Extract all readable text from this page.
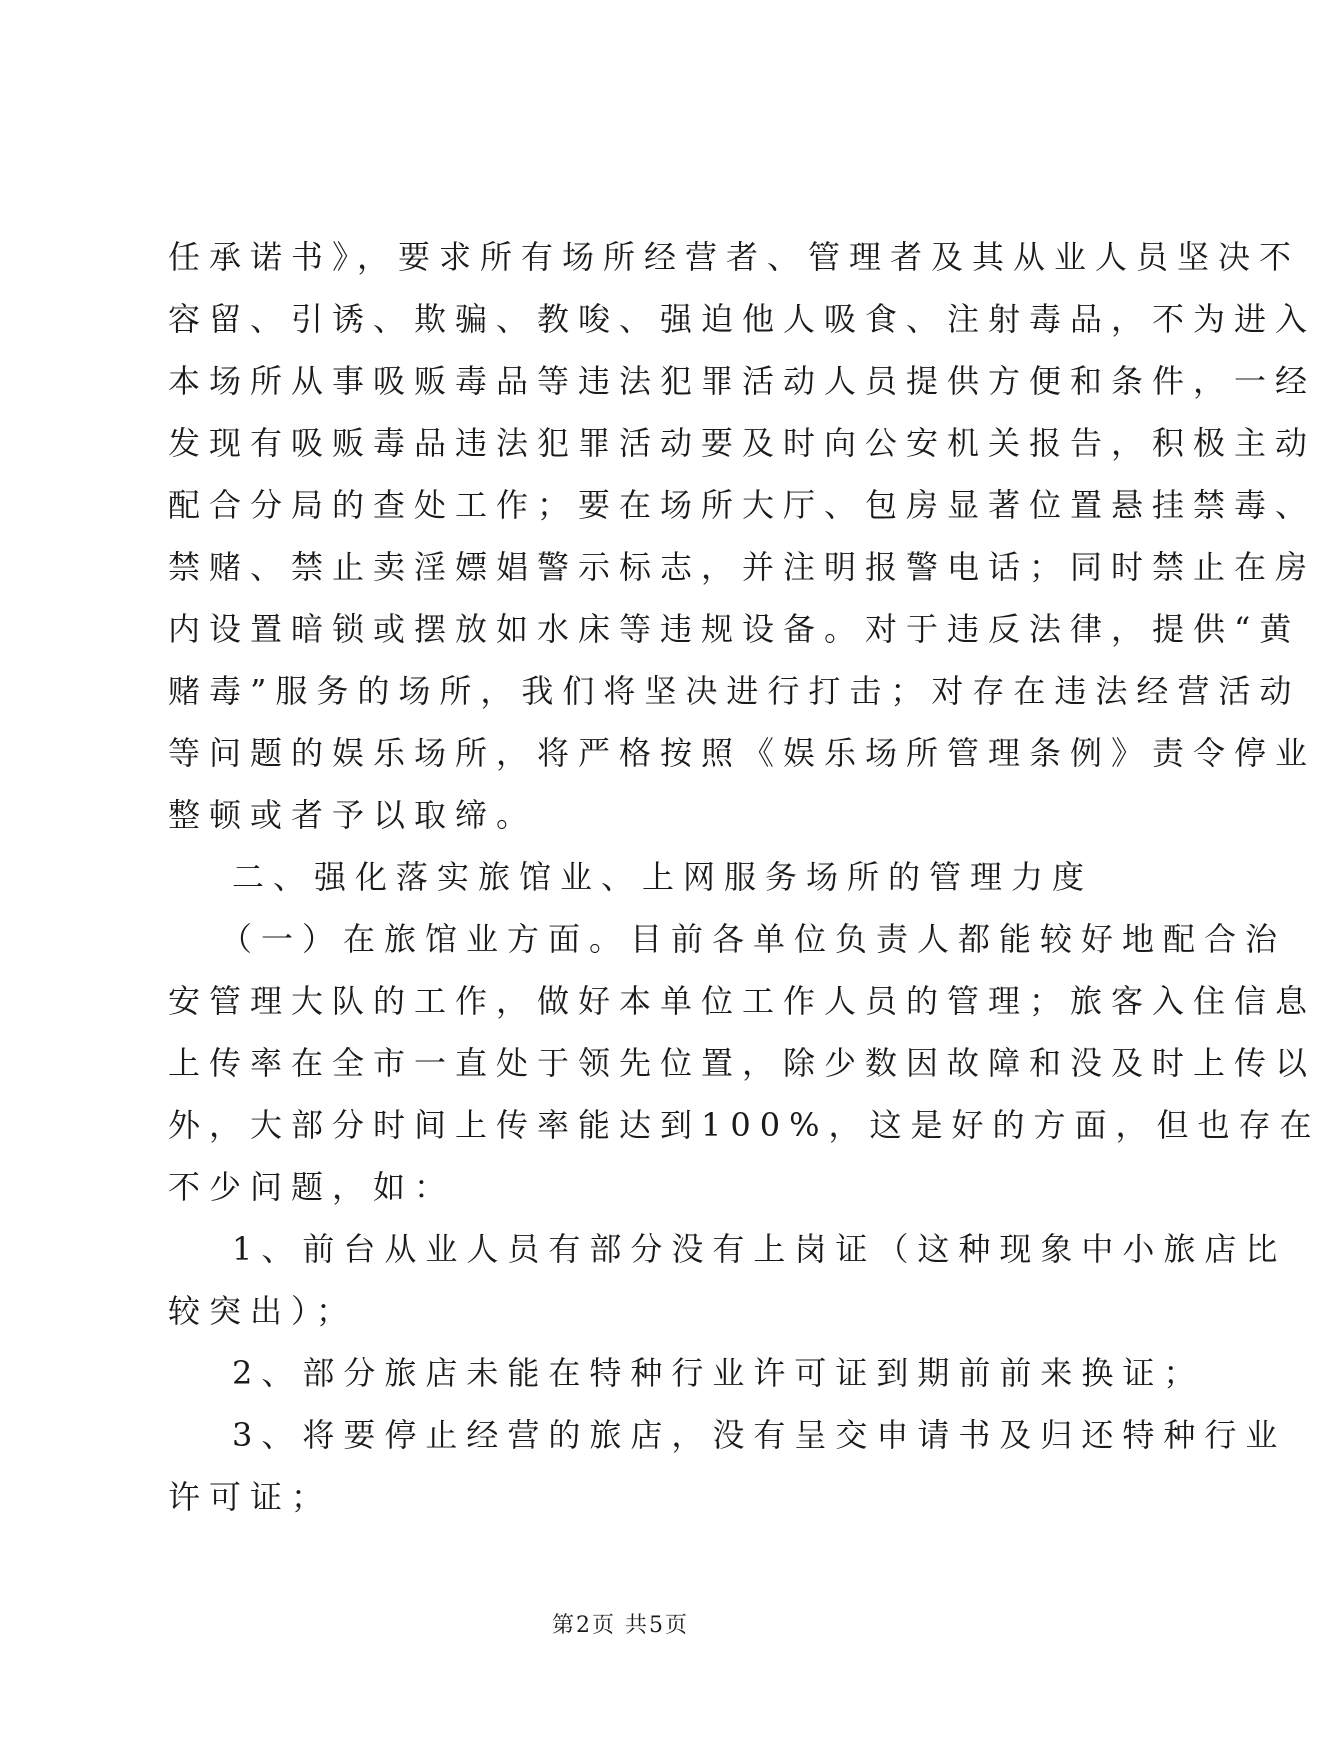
任承诺书》，要求所有场所经营者、管理者及其从业人员坚决不
容留、引诱、欺骗、教唆、强迫他人吸食、注射毒品，不为进入
本场所从事吸贩毒品等违法犯罪活动人员提供方便和条件，一经
发现有吸贩毒品违法犯罪活动要及时向公安机关报告，积极主动
配合分局的查处工作；要在场所大厅、包房显著位置悬挂禁毒、
禁赌、禁止卖淫嫖娼警示标志，并注明报警电话；同时禁止在房
内设置暗锁或摆放如水床等违规设备。对于违反法律，提供“黄
赌毒”服务的场所，我们将坚决进行打击；对存在违法经营活动
等问题的娱乐场所，将严格按照《娱乐场所管理条例》责令停业
整顿或者予以取缔。
二、强化落实旅馆业、上网服务场所的管理力度
（一）在旅馆业方面。目前各单位负责人都能较好地配合治
安管理大队的工作，做好本单位工作人员的管理；旅客入住信息
上传率在全市一直处于领先位置，除少数因故障和没及时上传以
外，大部分时间上传率能达到100%，这是好的方面，但也存在
不少问题，如：
1、前台从业人员有部分没有上岗证（这种现象中小旅店比
较突出）；
2、部分旅店未能在特种行业许可证到期前前来换证；
3、将要停止经营的旅店，没有呈交申请书及归还特种行业
许可证；
第2页 共5页
